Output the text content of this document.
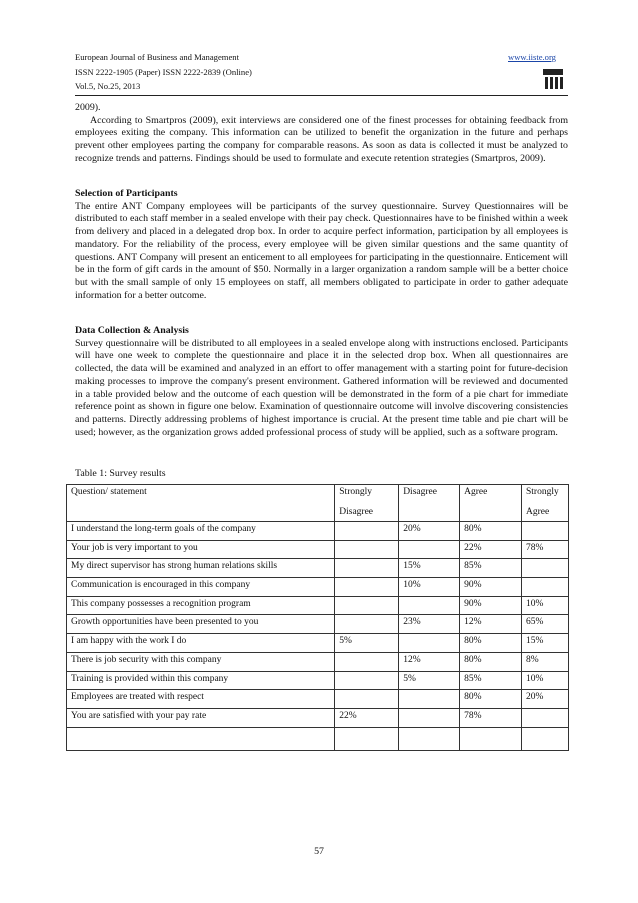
European Journal of Business and Management
ISSN 2222-1905 (Paper) ISSN 2222-2839 (Online)
Vol.5, No.25, 2013
www.iiste.org

2009).

According to Smartpros (2009), exit interviews are considered one of the finest processes for obtaining feedback from employees exiting the company. This information can be utilized to benefit the organization in the future and perhaps prevent other employees parting the company for comparable reasons. As soon as data is collected it must be analyzed to recognize trends and patterns. Findings should be used to formulate and execute retention strategies (Smartpros, 2009).

Selection of Participants

The entire ANT Company employees will be participants of the survey questionnaire. Survey Questionnaires will be distributed to each staff member in a sealed envelope with their pay check. Questionnaires have to be finished within a week from delivery and placed in a delegated drop box. In order to acquire perfect information, participation by all employees is mandatory. For the reliability of the process, every employee will be given similar questions and the same quantity of questions. ANT Company will present an enticement to all employees for participating in the questionnaire. Enticement will be in the form of gift cards in the amount of $50. Normally in a larger organization a random sample will be a better choice but with the small sample of only 15 employees on staff, all members obligated to participate in order to gather adequate information for a better outcome.

Data Collection & Analysis

Survey questionnaire will be distributed to all employees in a sealed envelope along with instructions enclosed. Participants will have one week to complete the questionnaire and place it in the selected drop box. When all questionnaires are collected, the data will be examined and analyzed in an effort to offer management with a starting point for future-decision making processes to improve the company's present environment. Gathered information will be reviewed and documented in a table provided below and the outcome of each question will be demonstrated in the form of a pie chart for immediate reference point as shown in figure one below. Examination of questionnaire outcome will involve discovering consistencies and patterns. Directly addressing problems of highest importance is crucial. At the present time table and pie chart will be used; however, as the organization grows added professional process of study will be applied, such as a software program.

Table 1: Survey results
Question/ statement	Strongly
Disagree	Disagree	Agree	Strongly
Agree

I understand the long-term goals of the company		20%	80%	
Your job is very important to you			22%	78%
My direct supervisor has strong human relations skills		15%	85%	
Communication is encouraged in this company		10%	90%	
This company possesses a recognition program			90%	10%
Growth opportunities have been presented to you		23%	12%	65%
I am happy with the work I do	5%		80%	15%
There is job security with this company		12%	80%	8%
Training is provided within this company		5%	85%	10%
Employees are treated with respect			80%	20%
You are satisfied with your pay rate	22%		78%	

57
